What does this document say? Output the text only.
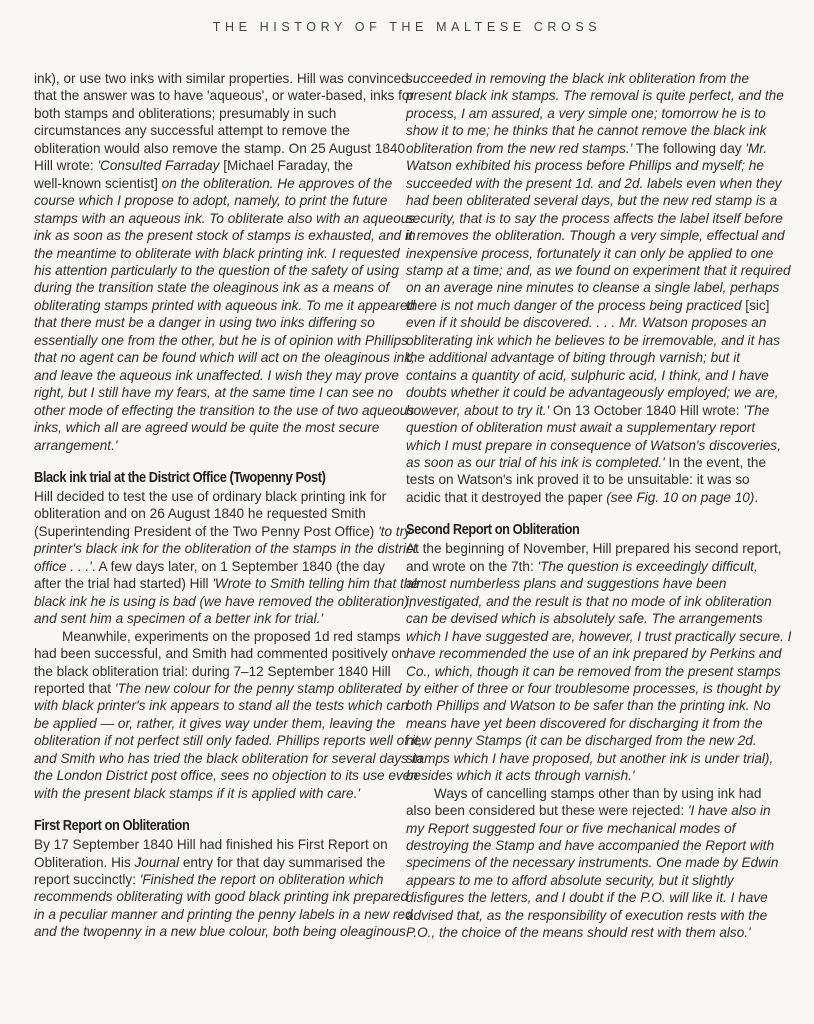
THE HISTORY OF THE MALTESE CROSS

ink), or use two inks with similar properties. Hill was convinced
that the answer was to have 'aqueous', or water-based, inks for
both stamps and obliterations; presumably in such
circumstances any successful attempt to remove the
obliteration would also remove the stamp. On 25 August 1840
Hill wrote: 'Consulted Farraday [Michael Faraday, the
well-known scientist] on the obliteration. He approves of the
course which I propose to adopt, namely, to print the future
stamps with an aqueous ink. To obliterate also with an aqueous
ink as soon as the present stock of stamps is exhausted, and in
the meantime to obliterate with black printing ink. I requested
his attention particularly to the question of the safety of using
during the transition state the oleaginous ink as a means of
obliterating stamps printed with aqueous ink. To me it appeared
that there must be a danger in using two inks differing so
essentially one from the other, but he is of opinion with Phillips
that no agent can be found which will act on the oleaginous ink,
and leave the aqueous ink unaffected. I wish they may prove
right, but I still have my fears, at the same time I can see no
other mode of effecting the transition to the use of two aqueous
inks, which all are agreed would be quite the most secure
arrangement.'

Black ink trial at the District Office (Twopenny Post)

Hill decided to test the use of ordinary black printing ink for
obliteration and on 26 August 1840 he requested Smith
(Superintending President of the Two Penny Post Office) 'to try
printer's black ink for the obliteration of the stamps in the district
office . . .'. A few days later, on 1 September 1840 (the day
after the trial had started) Hill 'Wrote to Smith telling him that the
black ink he is using is bad (we have removed the obliteration),
and sent him a specimen of a better ink for trial.'

Meanwhile, experiments on the proposed 1d red stamps
had been successful, and Smith had commented positively on
the black obliteration trial: during 7–12 September 1840 Hill
reported that 'The new colour for the penny stamp obliterated
with black printer's ink appears to stand all the tests which can
be applied — or, rather, it gives way under them, leaving the
obliteration if not perfect still only faded. Phillips reports well of it,
and Smith who has tried the black obliteration for several days in
the London District post office, sees no objection to its use even
with the present black stamps if it is applied with care.'

First Report on Obliteration

By 17 September 1840 Hill had finished his First Report on
Obliteration. His Journal entry for that day summarised the
report succinctly: 'Finished the report on obliteration which
recommends obliterating with good black printing ink prepared
in a peculiar manner and printing the penny labels in a new red
and the twopenny in a new blue colour, both being oleaginous

succeeded in removing the black ink obliteration from the
present black ink stamps. The removal is quite perfect, and the
process, I am assured, a very simple one; tomorrow he is to
show it to me; he thinks that he cannot remove the black ink
obliteration from the new red stamps.' The following day 'Mr.
Watson exhibited his process before Phillips and myself; he
succeeded with the present 1d. and 2d. labels even when they
had been obliterated several days, but the new red stamp is a
security, that is to say the process affects the label itself before
it removes the obliteration. Though a very simple, effectual and
inexpensive process, fortunately it can only be applied to one
stamp at a time; and, as we found on experiment that it required
on an average nine minutes to cleanse a single label, perhaps
there is not much danger of the process being practiced [sic]
even if it should be discovered. . . . Mr. Watson proposes an
obliterating ink which he believes to be irremovable, and it has
the additional advantage of biting through varnish; but it
contains a quantity of acid, sulphuric acid, I think, and I have
doubts whether it could be advantageously employed; we are,
however, about to try it.' On 13 October 1840 Hill wrote: 'The
question of obliteration must await a supplementary report
which I must prepare in consequence of Watson's discoveries,
as soon as our trial of his ink is completed.' In the event, the
tests on Watson's ink proved it to be unsuitable: it was so
acidic that it destroyed the paper (see Fig. 10 on page 10).

Second Report on Obliteration

At the beginning of November, Hill prepared his second report,
and wrote on the 7th: 'The question is exceedingly difficult,
almost numberless plans and suggestions have been
investigated, and the result is that no mode of ink obliteration
can be devised which is absolutely safe. The arrangements
which I have suggested are, however, I trust practically secure. I
have recommended the use of an ink prepared by Perkins and
Co., which, though it can be removed from the present stamps
by either of three or four troublesome processes, is thought by
both Phillips and Watson to be safer than the printing ink. No
means have yet been discovered for discharging it from the
new penny Stamps (it can be discharged from the new 2d.
stamps which I have proposed, but another ink is under trial),
besides which it acts through varnish.'

Ways of cancelling stamps other than by using ink had
also been considered but these were rejected: 'I have also in
my Report suggested four or five mechanical modes of
destroying the Stamp and have accompanied the Report with
specimens of the necessary instruments. One made by Edwin
appears to me to afford absolute security, but it slightly
disfigures the letters, and I doubt if the P.O. will like it. I have
advised that, as the responsibility of execution rests with the
P.O., the choice of the means should rest with them also.'
